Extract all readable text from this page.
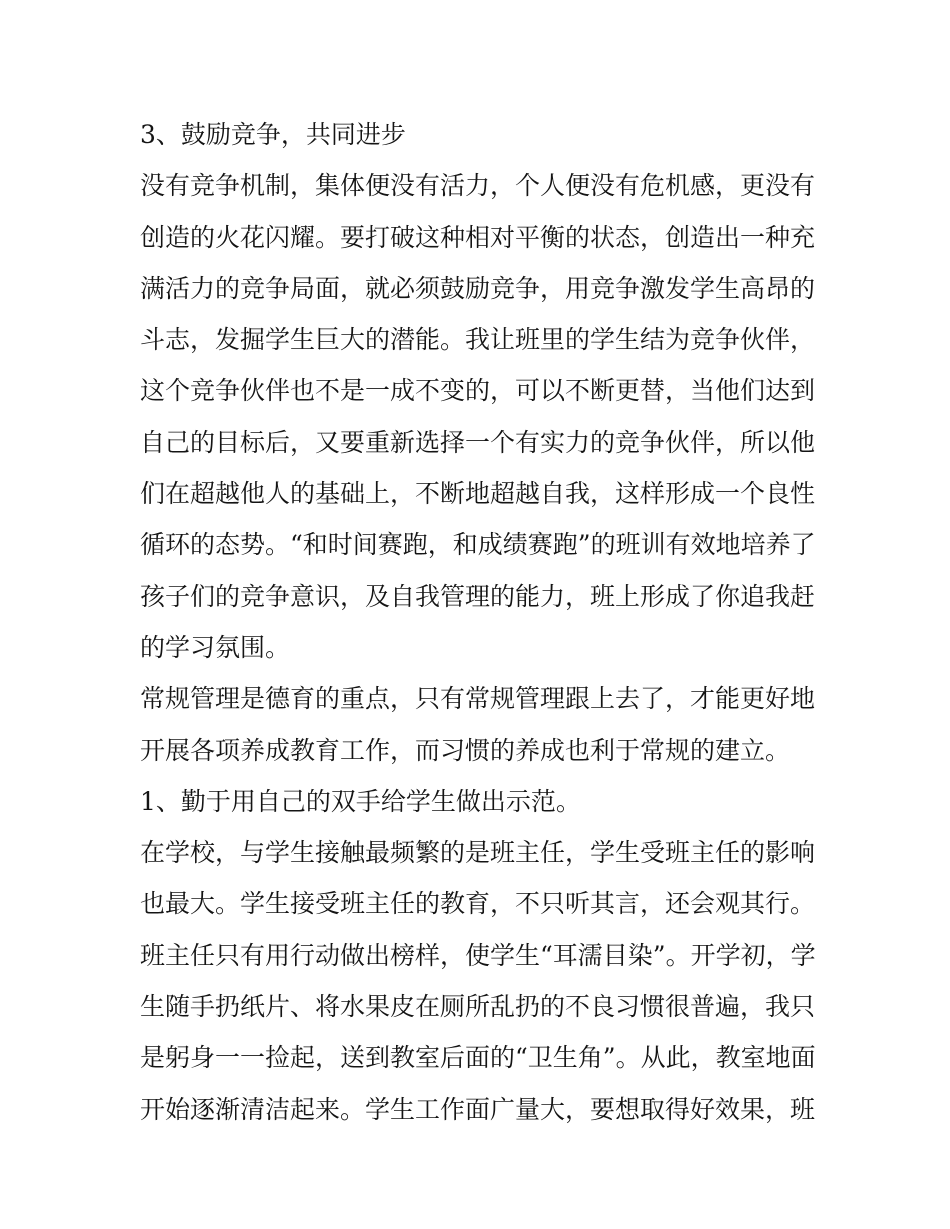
3、鼓励竞争，共同进步
没有竞争机制，集体便没有活力，个人便没有危机感，更没有
创造的火花闪耀。要打破这种相对平衡的状态，创造出一种充
满活力的竞争局面，就必须鼓励竞争，用竞争激发学生高昂的
斗志，发掘学生巨大的潜能。我让班里的学生结为竞争伙伴，
这个竞争伙伴也不是一成不变的，可以不断更替，当他们达到
自己的目标后，又要重新选择一个有实力的竞争伙伴，所以他
们在超越他人的基础上，不断地超越自我，这样形成一个良性
循环的态势。“和时间赛跑，和成绩赛跑”的班训有效地培养了
孩子们的竞争意识，及自我管理的能力，班上形成了你追我赶
的学习氛围。
常规管理是德育的重点，只有常规管理跟上去了，才能更好地
开展各项养成教育工作，而习惯的养成也利于常规的建立。
1、勤于用自己的双手给学生做出示范。
在学校，与学生接触最频繁的是班主任，学生受班主任的影响
也最大。学生接受班主任的教育，不只听其言，还会观其行。
班主任只有用行动做出榜样，使学生“耳濡目染”。开学初，学
生随手扔纸片、将水果皮在厕所乱扔的不良习惯很普遍，我只
是躬身一一捡起，送到教室后面的“卫生角”。从此，教室地面
开始逐渐清洁起来。学生工作面广量大，要想取得好效果，班
